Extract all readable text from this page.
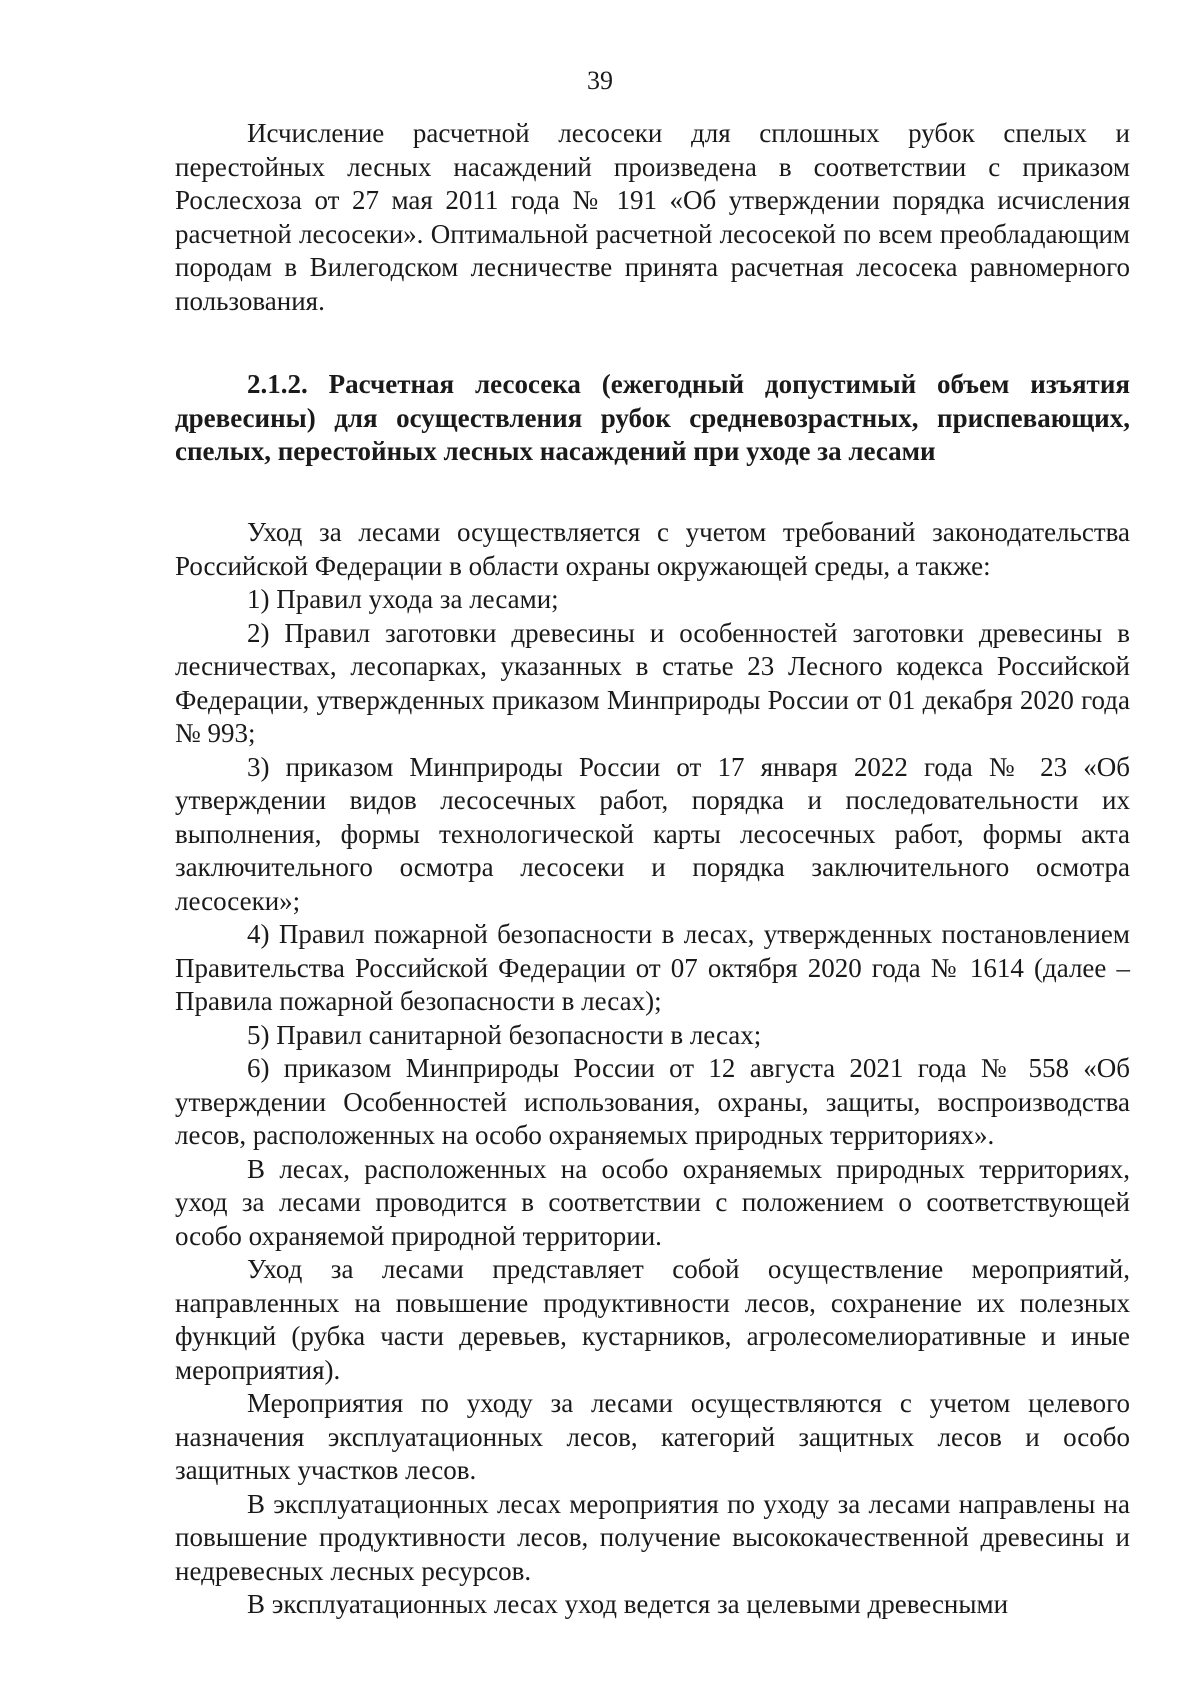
39

Исчисление расчетной лесосеки для сплошных рубок спелых и перестойных лесных насаждений произведена в соответствии с приказом Рослесхоза от 27 мая 2011 года № 191 «Об утверждении порядка исчисления расчетной лесосеки». Оптимальной расчетной лесосекой по всем преобладающим породам в Вилегодском лесничестве принята расчетная лесосека равномерного пользования.

2.1.2. Расчетная лесосека (ежегодный допустимый объем изъятия древесины) для осуществления рубок средневозрастных, приспевающих, спелых, перестойных лесных насаждений при уходе за лесами

Уход за лесами осуществляется с учетом требований законодательства Российской Федерации в области охраны окружающей среды, а также:

1) Правил ухода за лесами;

2) Правил заготовки древесины и особенностей заготовки древесины в лесничествах, лесопарках, указанных в статье 23 Лесного кодекса Российской Федерации, утвержденных приказом Минприроды России от 01 декабря 2020 года № 993;

3) приказом Минприроды России от 17 января 2022 года № 23 «Об утверждении видов лесосечных работ, порядка и последовательности их выполнения, формы технологической карты лесосечных работ, формы акта заключительного осмотра лесосеки и порядка заключительного осмотра лесосеки»;

4) Правил пожарной безопасности в лесах, утвержденных постановлением Правительства Российской Федерации от 07 октября 2020 года № 1614 (далее – Правила пожарной безопасности в лесах);

5) Правил санитарной безопасности в лесах;

6) приказом Минприроды России от 12 августа 2021 года № 558 «Об утверждении Особенностей использования, охраны, защиты, воспроизводства лесов, расположенных на особо охраняемых природных территориях».

В лесах, расположенных на особо охраняемых природных территориях, уход за лесами проводится в соответствии с положением о соответствующей особо охраняемой природной территории.

Уход за лесами представляет собой осуществление мероприятий, направленных на повышение продуктивности лесов, сохранение их полезных функций (рубка части деревьев, кустарников, агролесомелиоративные и иные мероприятия).

Мероприятия по уходу за лесами осуществляются с учетом целевого назначения эксплуатационных лесов, категорий защитных лесов и особо защитных участков лесов.

В эксплуатационных лесах мероприятия по уходу за лесами направлены на повышение продуктивности лесов, получение высококачественной древесины и недревесных лесных ресурсов.

В эксплуатационных лесах уход ведется за целевыми древесными
